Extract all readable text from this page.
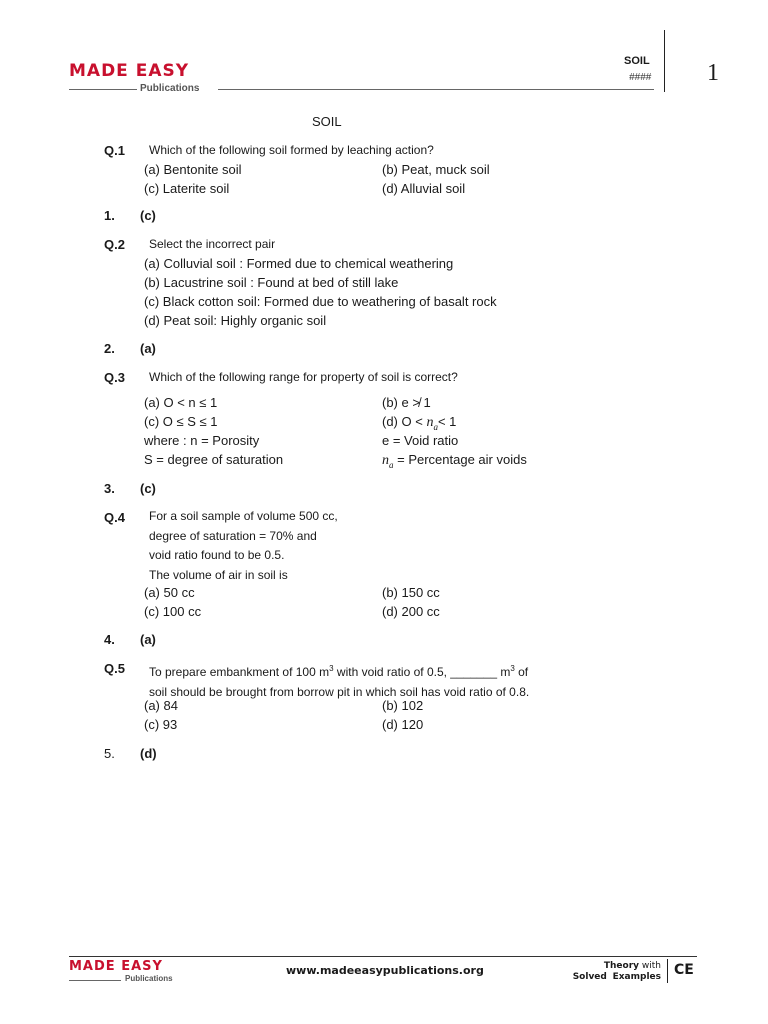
MADE EASY
Publications
SOIL
#### 1
SOIL
Q.1 Which of the following soil formed by leaching action?
(a) Bentonite soil	(b) Peat, muck soil
(c) Laterite soil	(d) Alluvial soil
1. (c)
Q.2 Select the incorrect pair
(a) Colluvial soil : Formed due to chemical weathering
(b) Lacustrine soil : Found at bed of still lake
(c) Black cotton soil: Formed due to weathering of basalt rock
(d) Peat soil: Highly organic soil
2. (a)
Q.3 Which of the following range for property of soil is correct?
(a) O < n ≤ 1	(b) e ≯ 1
(c) O ≤ S ≤ 1	(d) $O < n_a< 1$
where : n = Porosity	e = Void ratio
S = degree of saturation	$n_a$ = Percentage air voids
3. (c)
Q.4 For a soil sample of volume 500 cc,
degree of saturation = 70% and
void ratio found to be 0.5.
The volume of air in soil is
(a) 50 cc	(b) 150 cc
(c) 100 cc	(d) 200 cc
4. (a)
Q.5 To prepare embankment of 100 $m^3$ with void ratio of 0.5, _______ $m^3$ of
soil should be brought from borrow pit in which soil has void ratio of 0.8.
(a) 84	(b) 102
(c) 93	(d) 120
5. (d)
MADE EASY
Publications
www.madeeasypublications.org	Theory with
Solved Examples CE
